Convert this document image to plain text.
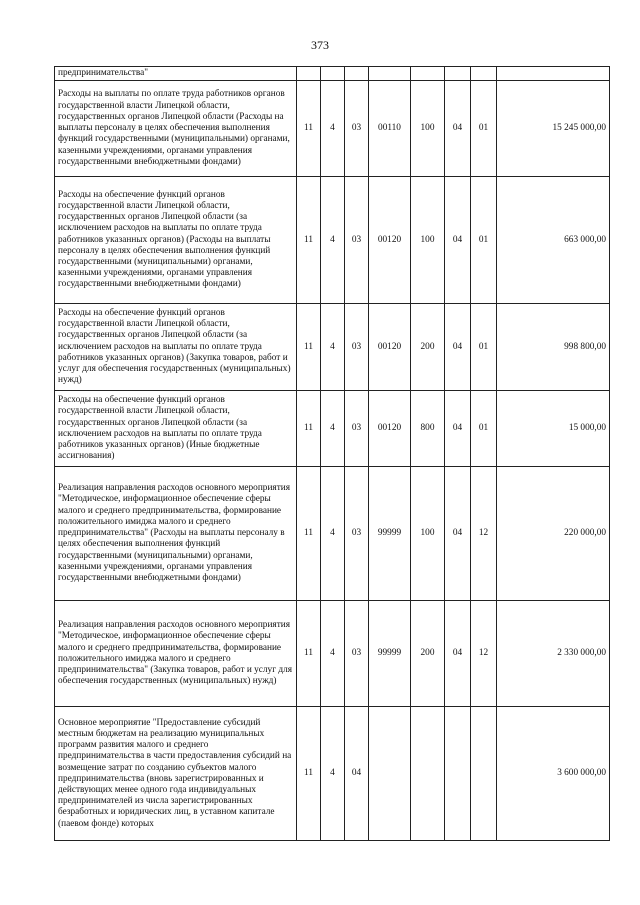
373
предпринимательства"								
Расходы на выплаты по оплате труда работников органов государственной власти Липецкой области, государственных органов Липецкой области (Расходы на выплаты персоналу в целях обеспечения выполнения функций государственными (муниципальными) органами, казенными учреждениями, органами управления государственными внебюджетными фондами)	11	4	03	00110	100	04	01	15 245 000,00
Расходы на обеспечение функций органов государственной власти Липецкой области, государственных органов Липецкой области (за исключением расходов на выплаты по оплате труда работников указанных органов) (Расходы на выплаты персоналу в целях обеспечения выполнения функций государственными (муниципальными) органами, казенными учреждениями, органами управления государственными внебюджетными фондами)	11	4	03	00120	100	04	01	663 000,00
Расходы на обеспечение функций органов государственной власти Липецкой области, государственных органов Липецкой области (за исключением расходов на выплаты по оплате труда работников указанных органов) (Закупка товаров, работ и услуг для обеспечения государственных (муниципальных) нужд)	11	4	03	00120	200	04	01	998 800,00
Расходы на обеспечение функций органов государственной власти Липецкой области, государственных органов Липецкой области (за исключением расходов на выплаты по оплате труда работников указанных органов) (Иные бюджетные ассигнования)	11	4	03	00120	800	04	01	15 000,00
Реализация направления расходов основного мероприятия "Методическое, информационное обеспечение сферы малого и среднего предпринимательства, формирование положительного имиджа малого и среднего предпринимательства" (Расходы на выплаты персоналу в целях обеспечения выполнения функций государственными (муниципальными) органами, казенными учреждениями, органами управления государственными внебюджетными фондами)	11	4	03	99999	100	04	12	220 000,00
Реализация направления расходов основного мероприятия "Методическое, информационное обеспечение сферы малого и среднего предпринимательства, формирование положительного имиджа малого и среднего предпринимательства" (Закупка товаров, работ и услуг для обеспечения государственных (муниципальных) нужд)	11	4	03	99999	200	04	12	2 330 000,00
Основное мероприятие "Предоставление субсидий местным бюджетам на реализацию муниципальных программ развития малого и среднего предпринимательства в части предоставления субсидий на возмещение затрат по созданию субъектов малого предпринимательства (вновь зарегистрированных и действующих менее одного года индивидуальных предпринимателей из числа зарегистрированных безработных и юридических лиц, в уставном капитале (паевом фонде) которых	11	4	04					3 600 000,00
